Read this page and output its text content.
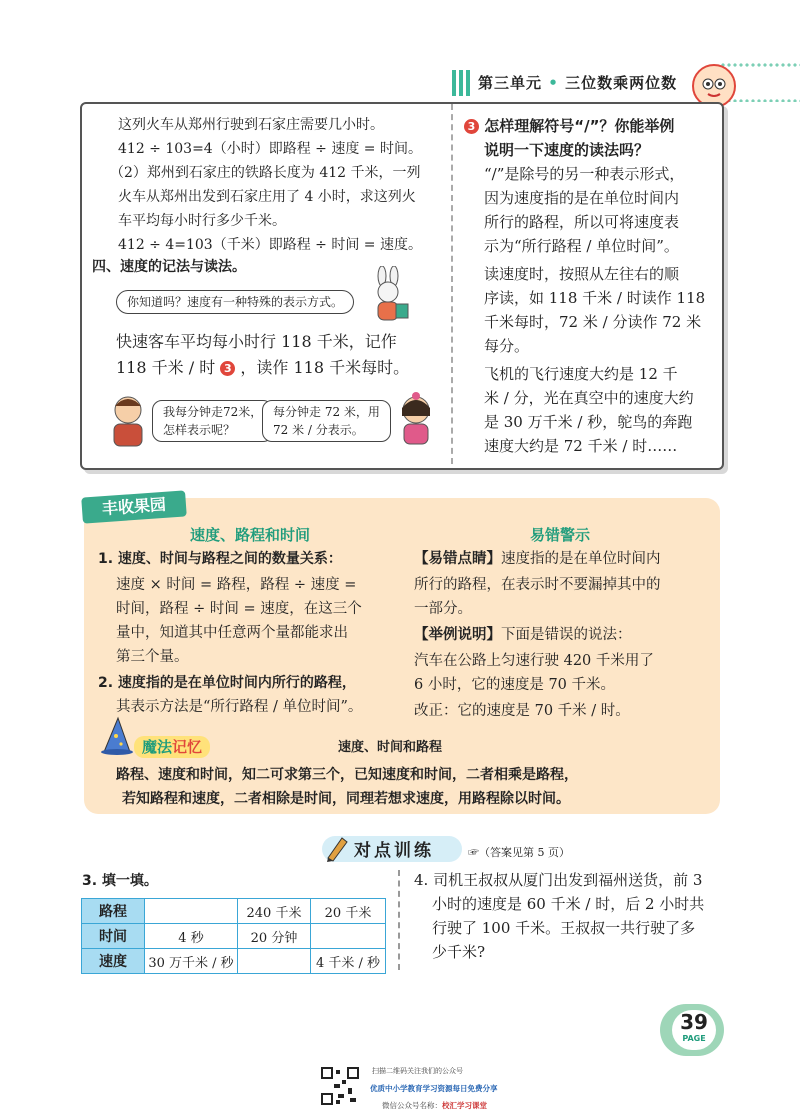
第三单元 • 三位数乘两位数
这列火车从郑州行驶到石家庄需要几小时。
412 ÷ 103=4（小时）即路程 ÷ 速度 = 时间。
（2）郑州到石家庄的铁路长度为 412 千米，一列
火车从郑州出发到石家庄用了 4 小时，求这列火
车平均每小时行多少千米。
412 ÷ 4=103（千米）即路程 ÷ 时间 = 速度。
四、速度的记法与读法。
你知道吗？速度有一种特殊的表示方式。
快速客车平均每小时行 118 千米，记作
118 千米 / 时 3 ，读作 118 千米每时。
我每分钟走72米，
怎样表示呢？
每分钟走 72 米，用
72 米 / 分表示。
3 怎样理解符号“/”？你能举例
说明一下速度的读法吗？
“/”是除号的另一种表示形式，
因为速度指的是在单位时间内
所行的路程，所以可将速度表
示为“所行路程 / 单位时间”。
读速度时，按照从左往右的顺
序读，如 118 千米 / 时读作 118
千米每时，72 米 / 分读作 72 米
每分。
飞机的飞行速度大约是 12 千
米 / 分，光在真空中的速度大约
是 30 万千米 / 秒，鸵鸟的奔跑
速度大约是 72 千米 / 时……
丰收果园
速度、路程和时间
1. 速度、时间与路程之间的数量关系：
速度 × 时间 = 路程，路程 ÷ 速度 =
时间，路程 ÷ 时间 = 速度，在这三个
量中，知道其中任意两个量都能求出
第三个量。
2. 速度指的是在单位时间内所行的路程，
其表示方法是“所行路程 / 单位时间”。
易错警示
【易错点睛】速度指的是在单位时间内
所行的路程，在表示时不要漏掉其中的
一部分。
【举例说明】下面是错误的说法：
汽车在公路上匀速行驶 420 千米用了
6 小时，它的速度是 70 千米。
改正：它的速度是 70 千米 / 时。
魔法记忆	速度、时间和路程
路程、速度和时间，知二可求第三个，已知速度和时间，二者相乘是路程，
若知路程和速度，二者相除是时间，同理若想求速度，用路程除以时间。
对点训练	☞（答案见第 5 页）
3. 填一填。
路程		240 千米	20 千米
时间	4 秒	20 分钟	
速度	30 万千米 / 秒		4 千米 / 秒
4. 司机王叔叔从厦门出发到福州送货，前 3
小时的速度是 60 千米 / 时，后 2 小时共
行驶了 100 千米。王叔叔一共行驶了多
少千米?
39
PAGE
扫描二维码关注我们的公众号
优质中小学教育学习资源每日免费分享
微信公众号名称：校汇学习课堂
